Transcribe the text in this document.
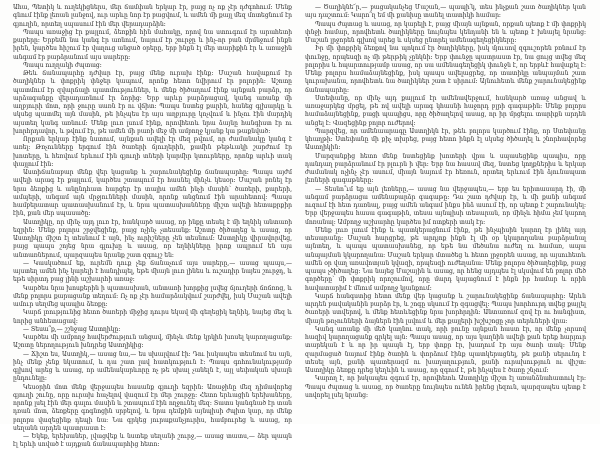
Ահա, Պետիկ և ուղեկիցներս, մեր ճամփան երկար էր, բայց ոչ ոք չէր դժգոհում։ Մենք գնում էինք լեռան լանջով, ուր արևը նոր էր բացվում, և ամեն մի քայլ մեզ մոտեցնում էր գյուղին, որտեղ սպասում էին մեր վերադարձին։

Պապս առաջից էր քայլում, ձեռքին հին մահակը, որով նա ստուգում էր արահետի քարերը։ Երբեմն նա կանգ էր առնում, նայում էր շուրջը և ինչ-որ բան մրմնջում ինքն իրեն, կարծես հիշում էր վաղուց անցած օրերը, երբ ինքն էլ մեր տարիքին էր և առաջին անգամ էր բարձրանում այս սարերը։

Պապս ուղղակի ժպտաց։

Թեև ճանապարհը դժվար էր, բայց մենք ուրախ էինք։ Մաշան հավաքում էր ծաղիկներ և փոքրիկ փնջեր կապում, որոնք հետո նվիրում էր բոլորին։ Աշոտը պատմում էր զվարճալի պատմություններ, և մենք ծիծաղում էինք այնքան բարձր, որ արձագանքը վերադառնում էր ձորից։ Երբ արևը բարձրացավ, կանգ առանք մի աղբյուրի մոտ, որի ջուրը սառն էր ու վճիտ։ Պապս նստեց քարին, հանեց գլխարկը և սկսեց պատմել այն մասին, թե ինչպես էր այս աղբյուրը կոչվում և ինչու էին մարդիկ այստեղ կանգ առնում։ Մենք լուռ լսում էինք, որովհետև նրա ձայնը հանգիստ էր ու խորհրդավոր, և թվում էր, թե ամեն մի բառի մեջ մի ամբողջ կյանք կա թաքնված։

Որքան երկար էինք նստում, այնքան ավելի էր մեզ թվում, որ ժամանակը կանգ է առել։ Թռչունները երգում էին ծառերի ճյուղերին, քամին թեթևակի շարժում էր խոտերը, և հեռվում երևում էին գյուղի տների կարմիր կտուրները, որոնք արևի տակ փայլում էին։

Աստիճանաբար մենք վեր կացանք և շարունակեցինք ճանապարհը։ Պապս այժմ ավելի արագ էր քայլում, կարծես շտապում էր հասնել մինչև կեսօր։ Մաշան բռնել էր նրա ձեռքից և անընդհատ հարցեր էր տալիս ամեն ինչի մասին՝ ծառերի, քարերի, ամպերի, անգամ այն մրջյունների մասին, որոնք անցնում էին արահետով։ Պապս համբերատար պատասխանում էր, և նրա պատասխանները միշտ ավելի հետաքրքիր էին, քան մեր սպասածը։

Աստղիկը, որ մինչ այդ լուռ էր, հանկարծ ասաց, որ ինքը տեսել է մի եղնիկ անտառի եզրին։ Մենք բոլորս շրջվեցինք, բայց ոչինչ չտեսանք։ Աշոտը ծիծաղեց և ասաց, որ Աստղիկը միշտ էլ տեսնում է այն, ինչ ուրիշները չեն տեսնում։ Աստղիկը վիրավորվեց, բայց պապս շոյեց նրա գլուխը և ասաց, որ եղնիկները իրոք ապրում են այս անտառներում, պարզապես նրանք շատ զգույշ են։

— Կասկածում եք, ուրեմն դուք չեք ճանաչում այս սարերը,— ասաց պապս,— այստեղ ամեն ինչ կարելի է հանդիպել, եթե միայն լուռ լինես և ուշադիր նայես շուրջդ, և եթե սիրտդ բաց լինի աշխարհի առաջ։

Կարծես նրա խոսքերին ի պատասխան, անտառի խորքից լսվեց ճյուղերի ճռճռոց, և մենք բոլորս քարացանք տեղում։ Ոչ ոք չէր համարձակվում շարժվել, իսկ Մաշան ավելի ամուր սեղմեց պապիս ձեռքը։

Կարճ լռությունից հետո ծառերի միջից դուրս եկավ մի գեղեցիկ եղնիկ, նայեց մեզ և նորից անհետացավ։

— Տեսա՞ք,— շշնջաց Աստղիկը։

Կարծես մի ամբողջ հավերժություն անցավ, մինչև մենք կրկին խոսել կարողացանք։ Աշոտը ներողություն խնդրեց Աստղիկից։

— Ճիշտ ես, Աստղիկ,— ասաց նա,— ես սխալվում էի։ Դու իսկապես տեսնում ես այն, ինչ մենք չենք նկատում, և դա շատ լավ հատկություն է։ Պապս գոհունակությամբ գլխով արեց և ասաց, որ ամենակարևորը ոչ թե սխալ չանելն է, այլ սեփական սխալն ընդունելը։

Կեսօրին մոտ մենք վերջապես հասանք գյուղի եզրին։ Առաջինը մեզ դիմավորեց գյուղի շունը, որը ուրախ հաչելով վազում էր մեր շուրջը։ Հետո երևացին երեխաները, որոնք լսել էին մեր գալու մասին և շտապում էին ողջունել մեզ։ Տատս կանգնած էր տան դռան մոտ, ձեռքերը գոգնոցին սրբելով, և նրա դեմքին այնպիսի ժպիտ կար, որ մենք բոլորս վազեցինք դեպի նա։ Նա գրկեց յուրաքանչյուրիս, համբուրեց և ասաց, որ սեղանն արդեն պատրաստ է։

— Եկեք, երեխաներ, լվացվեք և նստեք սեղանի շուրջ,— ասաց տատս,— ձեր պապն էլ երևի սոված է այդքան ճանապարհից հետո։

— Ծաղիկնե՜ր,— բացականչեց Մաշան,— պապի՛կ, տես ինչքան շատ ծաղիկներ կան այս դաշտում։ Կարո՞ղ եմ մի քանիսը տանել տատիկի համար։

Պապս ժպտաց և ասաց, որ կարելի է, բայց միայն այնքան, որքան պետք է մի փոքրիկ փնջի համար, որովհետև ծաղիկները նույնպես կենդանի են և պետք է խնայել նրանց։ Մաշան լրջորեն գլխով արեց և սկսեց ընտրել ամենագեղեցիկները։

Իր մի փոքրիկ ձեռքով նա պոկում էր ծաղիկները, իսկ մյուսով զգուշորեն բռնում էր փունջը, որպեսզի ոչ մի թերթիկ չընկնի։ Երբ փունջը պատրաստ էր, նա ցույց տվեց մեզ բոլորիս և հպարտությամբ ասաց, որ սա ամենագեղեցիկ փունջն է, որ երբևէ հավաքել է։ Մենք բոլորս համաձայնեցինք, իսկ պապս ավելացրեց, որ տատիկը անպայման շատ կուրախանա, որովհետև նա ծաղիկներ շատ է սիրում։ Այնուհետև մենք շարունակեցինք ճանապարհը։

Ստեփանը, որ մինչ այդ քայլում էր ամենավերջում, հանկարծ առաջ անցավ և առաջարկեց մրցել, թե ով ավելի արագ կհասնի հաջորդ բլրի գագաթին։ Մենք բոլորս համաձայնեցինք, բացի պապիցս, որը ծիծաղելով ասաց, որ իր մրցելու տարիքն արդեն անցել է։ Վազեցինք բոլոր ուժերով։

Պարզվեց, որ ամենաարագը Աստղիկն էր, թեև բոլորս կարծում էինք, որ Ստեփանը կհաղթի։ Ստեփանը մի քիչ տխրեց, բայց հետո ինքն էլ սկսեց ծիծաղել և շնորհավորեց Աստղիկին։

Մարզանքից հետո մենք նստեցինք խոտերի վրա և սպասեցինք պապիս, որը դանդաղ բարձրանում էր բլուրն ի վեր։ Երբ նա հասավ մեզ, նստեց կողքներիս և երկար ժամանակ ոչինչ չէր ասում, միայն նայում էր հեռուն, որտեղ երևում էին ձյունապատ լեռների գագաթները։

— Տեսնո՞ւմ եք այն լեռները,— ասաց նա վերջապես,— երբ ես երիտասարդ էի, մի անգամ բարձրացա ամենաբարձր գագաթը։ Դա շատ դժվար էր, և մի քանի անգամ ուզում էի հետ դառնալ, բայց ամեն անգամ ինքս ինձ ասում էի, որ պետք է շարունակել։ Երբ վերջապես հասա գագաթին, տեսա այնպիսի տեսարան, որ մինչև հիմա չեմ կարող մոռանալ։ Ամբողջ աշխարհը կարծես իմ ոտքերի տակ էր։

Մենք լուռ լսում էինք և պատկերացնում էինք, թե ինչպիսին կարող էր լինել այդ տեսարանը։ Մաշան հարցրեց, թե արդյոք ինքն էլ մի օր կկարողանա բարձրանալ այնտեղ, և պապս պատասխանեց, որ եթե նա մեծանա ուժեղ ու համառ, ապա անպայման կկարողանա։ Մաշան երկար մտածեց և հետո լրջորեն ասաց, որ այսուհետև ամեն օր վաղ առավոտյան կվազի, որպեսզի ուժեղանա։ Մենք բոլորս ծիծաղեցինք, բայց պապս չծիծաղեց։ Նա նայեց Մաշային և ասաց, որ հենց այդպես էլ սկսվում են բոլոր մեծ գործերը՝ մի փոքրիկ որոշումով, որը մարդ կայացնում է ինքն իր համար և որին հավատարիմ է մնում ամբողջ կյանքում։

Կարճ հանգստից հետո մենք վեր կացանք և շարունակեցինք ճանապարհը։ Արևն արդեն բավականին բարձր էր, և շոգը սկսում էր զգացվել։ Պապս խորհուրդ տվեց քայլել ծառերի ստվերով, և մենք հետևեցինք նրա խորհրդին։ Անտառում զով էր ու հանգիստ, միայն թռչունների ձայներն էին լսվում և մեր քայլերի խշխշոցը չոր տերևների վրա։

Կանգ առանք մի մեծ կաղնու տակ, որի բունը այնքան հաստ էր, որ մենք չորսով հազիվ կարողացանք գրկել այն։ Պապս ասաց, որ այս կաղնին ավելի քան երեք հարյուր տարեկան է և որ իր պապն էլ, երբ փոքր էր, խաղում էր այս ծառի տակ։ Մենք զարմացած նայում էինք ծառին և փորձում էինք պատկերացնել, թե քանի սերունդ է տեսել այն, քանի պատերազմ ու խաղաղություն, քանի ուրախություն ու վիշտ։ Աստղիկը ձեռքը դրեց կեղևին և ասաց, որ զգում է, թե ինչպես է ծառը շնչում։

Կարող է, որ իսկապես զգում էր, որովհետև Աստղիկը միշտ էլ առանձնահատուկ էր։ Պապս ժպտաց և ասաց, որ ծառերը նույնպես ունեն իրենց լեզուն, պարզապես պետք է սովորել լսել նրանց։
